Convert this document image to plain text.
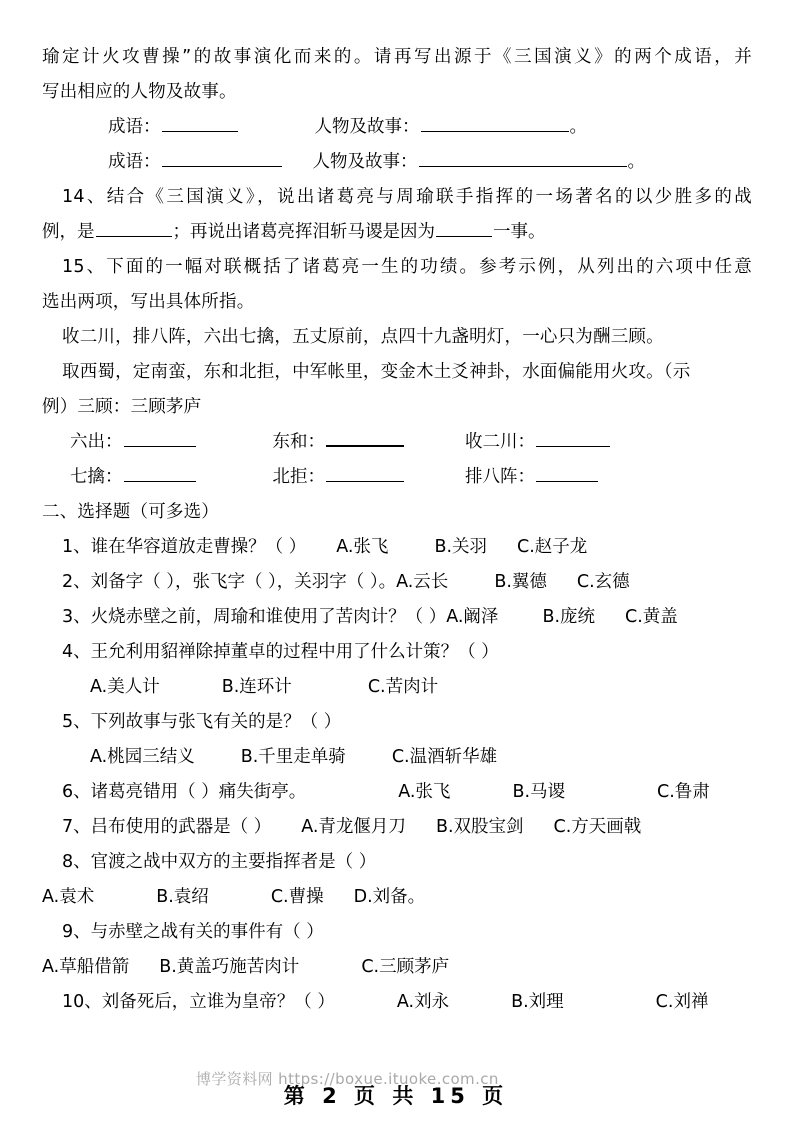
瑜定计火攻曹操”的故事演化而来的。请再写出源于《三国演义》的两个成语，并
写出相应的人物及故事。
成语：	人物及故事：	。
成语：	人物及故事：	。
14、结合《三国演义》，说出诸葛亮与周瑜联手指挥的一场著名的以少胜多的战
例，是	；再说出诸葛亮挥泪斩马谡是因为	一事。
15、下面的一幅对联概括了诸葛亮一生的功绩。参考示例，从列出的六项中任意
选出两项，写出具体所指。
收二川，排八阵，六出七擒，五丈原前，点四十九盏明灯，一心只为酬三顾。
取西蜀，定南蛮，东和北拒，中军帐里，变金木土爻神卦，水面偏能用火攻。（示
例）三顾：三顾茅庐
六出：	东和：	收二川：
七擒：	北拒：	排八阵：
二、选择题（可多选）
1、谁在华容道放走曹操？（ ） A.张飞	B.关羽 C.赵子龙
2、刘备字（ ），张飞字（ ），关羽字（ ）。A.云长	B.翼德 C.玄德
3、火烧赤壁之前，周瑜和谁使用了苦肉计？（ ）A.阚泽	B.庞统 C.黄盖
4、王允利用貂禅除掉董卓的过程中用了什么计策？（ ）
A.美人计	B.连环计	C.苦肉计
5、下列故事与张飞有关的是？（ ）
A.桃园三结义	B.千里走单骑	C.温酒斩华雄
6、诸葛亮错用（ ）痛失街亭。	A.张飞	B.马谡	C.鲁肃
7、吕布使用的武器是（ ） A.青龙偃月刀 B.双股宝剑 C.方天画戟
8、官渡之战中双方的主要指挥者是（ ）
A.袁术	B.袁绍	C.曹操 D.刘备。
9、与赤壁之战有关的事件有（ ）
A.草船借箭 B.黄盖巧施苦肉计	C.三顾茅庐
10、刘备死后，立谁为皇帝？（ ）	A.刘永	B.刘理	C.刘禅
博学资料网 https://boxue.ituoke.com.cn
第 2 页 共 15 页
